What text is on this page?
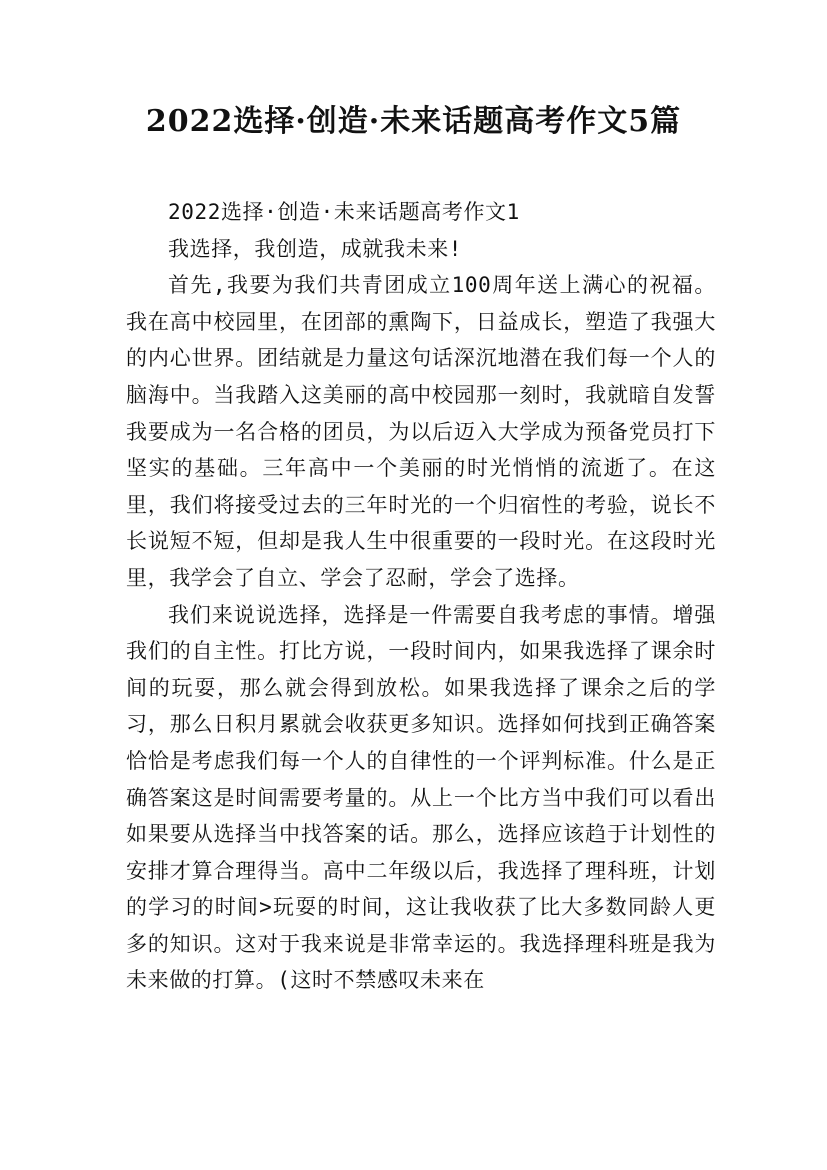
2022选择·创造·未来话题高考作文5篇

2022选择·创造·未来话题高考作文1

我选择，我创造，成就我未来!

首先,我要为我们共青团成立100周年送上满心的祝福。我在高中校园里，在团部的熏陶下，日益成长，塑造了我强大的内心世界。团结就是力量这句话深沉地潜在我们每一个人的脑海中。当我踏入这美丽的高中校园那一刻时，我就暗自发誓我要成为一名合格的团员，为以后迈入大学成为预备党员打下坚实的基础。三年高中一个美丽的时光悄悄的流逝了。在这里，我们将接受过去的三年时光的一个归宿性的考验，说长不长说短不短，但却是我人生中很重要的一段时光。在这段时光里，我学会了自立、学会了忍耐，学会了选择。

我们来说说选择，选择是一件需要自我考虑的事情。增强我们的自主性。打比方说，一段时间内，如果我选择了课余时间的玩耍，那么就会得到放松。如果我选择了课余之后的学习，那么日积月累就会收获更多知识。选择如何找到正确答案恰恰是考虑我们每一个人的自律性的一个评判标准。什么是正确答案这是时间需要考量的。从上一个比方当中我们可以看出如果要从选择当中找答案的话。那么，选择应该趋于计划性的安排才算合理得当。高中二年级以后，我选择了理科班，计划的学习的时间>玩耍的时间，这让我收获了比大多数同龄人更多的知识。这对于我来说是非常幸运的。我选择理科班是我为未来做的打算。(这时不禁感叹未来在
